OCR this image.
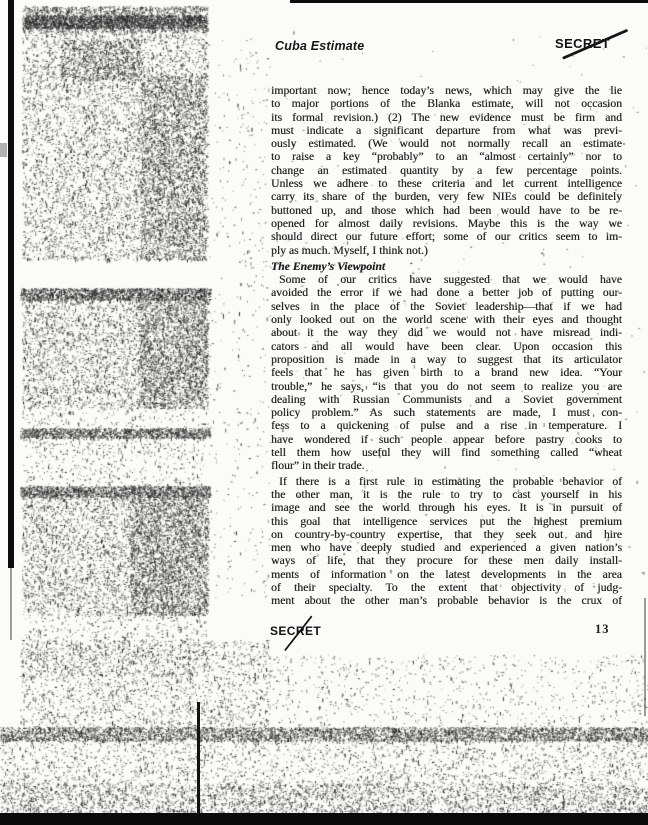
Cuba Estimate	SECRET
important now; hence today’s news, which may give the lie
to major portions of the Blanka estimate, will not occasion
its formal revision.) (2) The new evidence must be firm and
must indicate a significant departure from what was previ-
ously estimated. (We would not normally recall an estimate
to raise a key “probably” to an “almost certainly” nor to
change an estimated quantity by a few percentage points.
Unless we adhere to these criteria and let current intelligence
carry its share of the burden, very few NIEs could be definitely
buttoned up, and those which had been would have to be re-
opened for almost daily revisions. Maybe this is the way we
should direct our future effort; some of our critics seem to im-
ply as much. Myself, I think not.)
The Enemy’s Viewpoint
Some of our critics have suggested that we would have
avoided the error if we had done a better job of putting our-
selves in the place of the Soviet leadership—that if we had
only looked out on the world scene with their eyes and thought
about it the way they did we would not have misread indi-
cators and all would have been clear. Upon occasion this
proposition is made in a way to suggest that its articulator
feels that he has given birth to a brand new idea. “Your
trouble,” he says, “is that you do not seem to realize you are
dealing with Russian Communists and a Soviet government
policy problem.” As such statements are made, I must con-
fess to a quickening of pulse and a rise in temperature. I
have wondered if such people appear before pastry cooks to
tell them how useful they will find something called “wheat
flour” in their trade.
If there is a first rule in estimating the probable behavior of
the other man, it is the rule to try to cast yourself in his
image and see the world through his eyes. It is in pursuit of
this goal that intelligence services put the highest premium
on country-by-country expertise, that they seek out and hire
men who have deeply studied and experienced a given nation’s
ways of life, that they procure for these men daily install-
ments of information on the latest developments in the area
of their specialty. To the extent that objectivity of judg-
ment about the other man’s probable behavior is the crux of
SECRET	13
